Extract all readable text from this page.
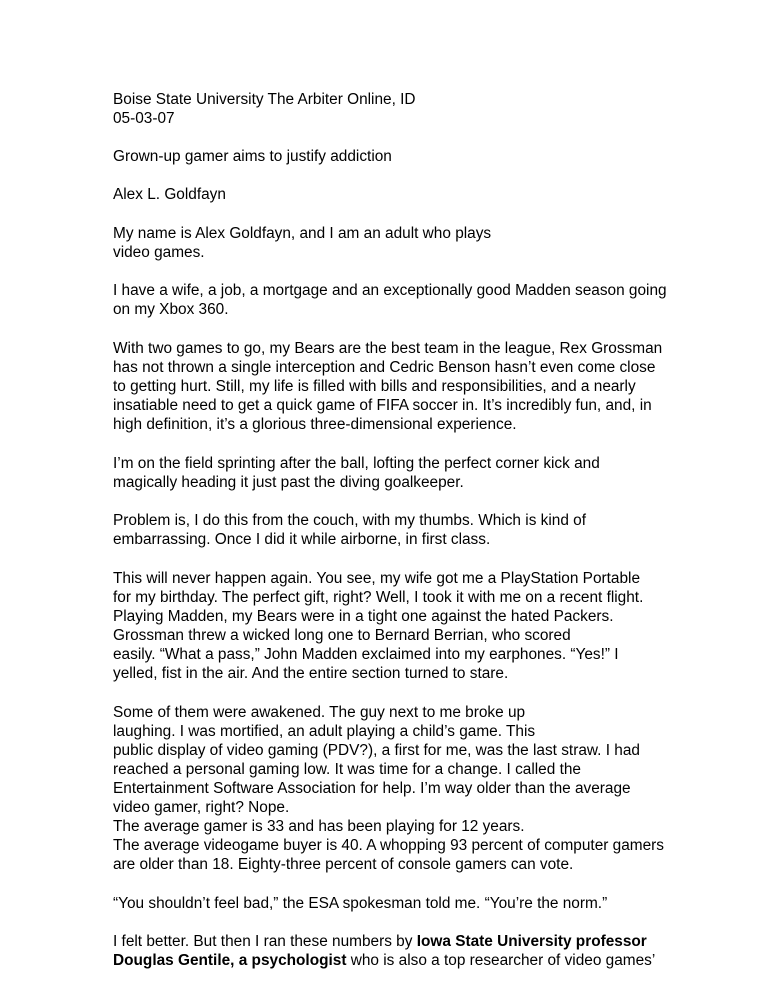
Boise State University The Arbiter Online, ID

05-03-07

Grown-up gamer aims to justify addiction

Alex L. Goldfayn

My name is Alex Goldfayn, and I am an adult who plays

video games.

I have a wife, a job, a mortgage and an exceptionally good Madden season going

on my Xbox 360.

With two games to go, my Bears are the best team in the league, Rex Grossman

has not thrown a single interception and Cedric Benson hasn’t even come close

to getting hurt. Still, my life is filled with bills and responsibilities, and a nearly

insatiable need to get a quick game of FIFA soccer in. It’s incredibly fun, and, in

high definition, it’s a glorious three-dimensional experience.

I’m on the field sprinting after the ball, lofting the perfect corner kick and

magically heading it just past the diving goalkeeper.

Problem is, I do this from the couch, with my thumbs. Which is kind of

embarrassing. Once I did it while airborne, in first class.

This will never happen again. You see, my wife got me a PlayStation Portable

for my birthday. The perfect gift, right? Well, I took it with me on a recent flight.

Playing Madden, my Bears were in a tight one against the hated Packers.

Grossman threw a wicked long one to Bernard Berrian, who scored

easily. “What a pass,” John Madden exclaimed into my earphones. “Yes!” I

yelled, fist in the air. And the entire section turned to stare.

Some of them were awakened. The guy next to me broke up

laughing. I was mortified, an adult playing a child’s game. This

public display of video gaming (PDV?), a first for me, was the last straw. I had

reached a personal gaming low. It was time for a change. I called the

Entertainment Software Association for help. I’m way older than the average

video gamer, right? Nope.

The average gamer is 33 and has been playing for 12 years.

The average videogame buyer is 40. A whopping 93 percent of computer gamers

are older than 18. Eighty-three percent of console gamers can vote.

“You shouldn’t feel bad,” the ESA spokesman told me. “You’re the norm.”

I felt better. But then I ran these numbers by Iowa State University professor

Douglas Gentile, a psychologist who is also a top researcher of video games’
